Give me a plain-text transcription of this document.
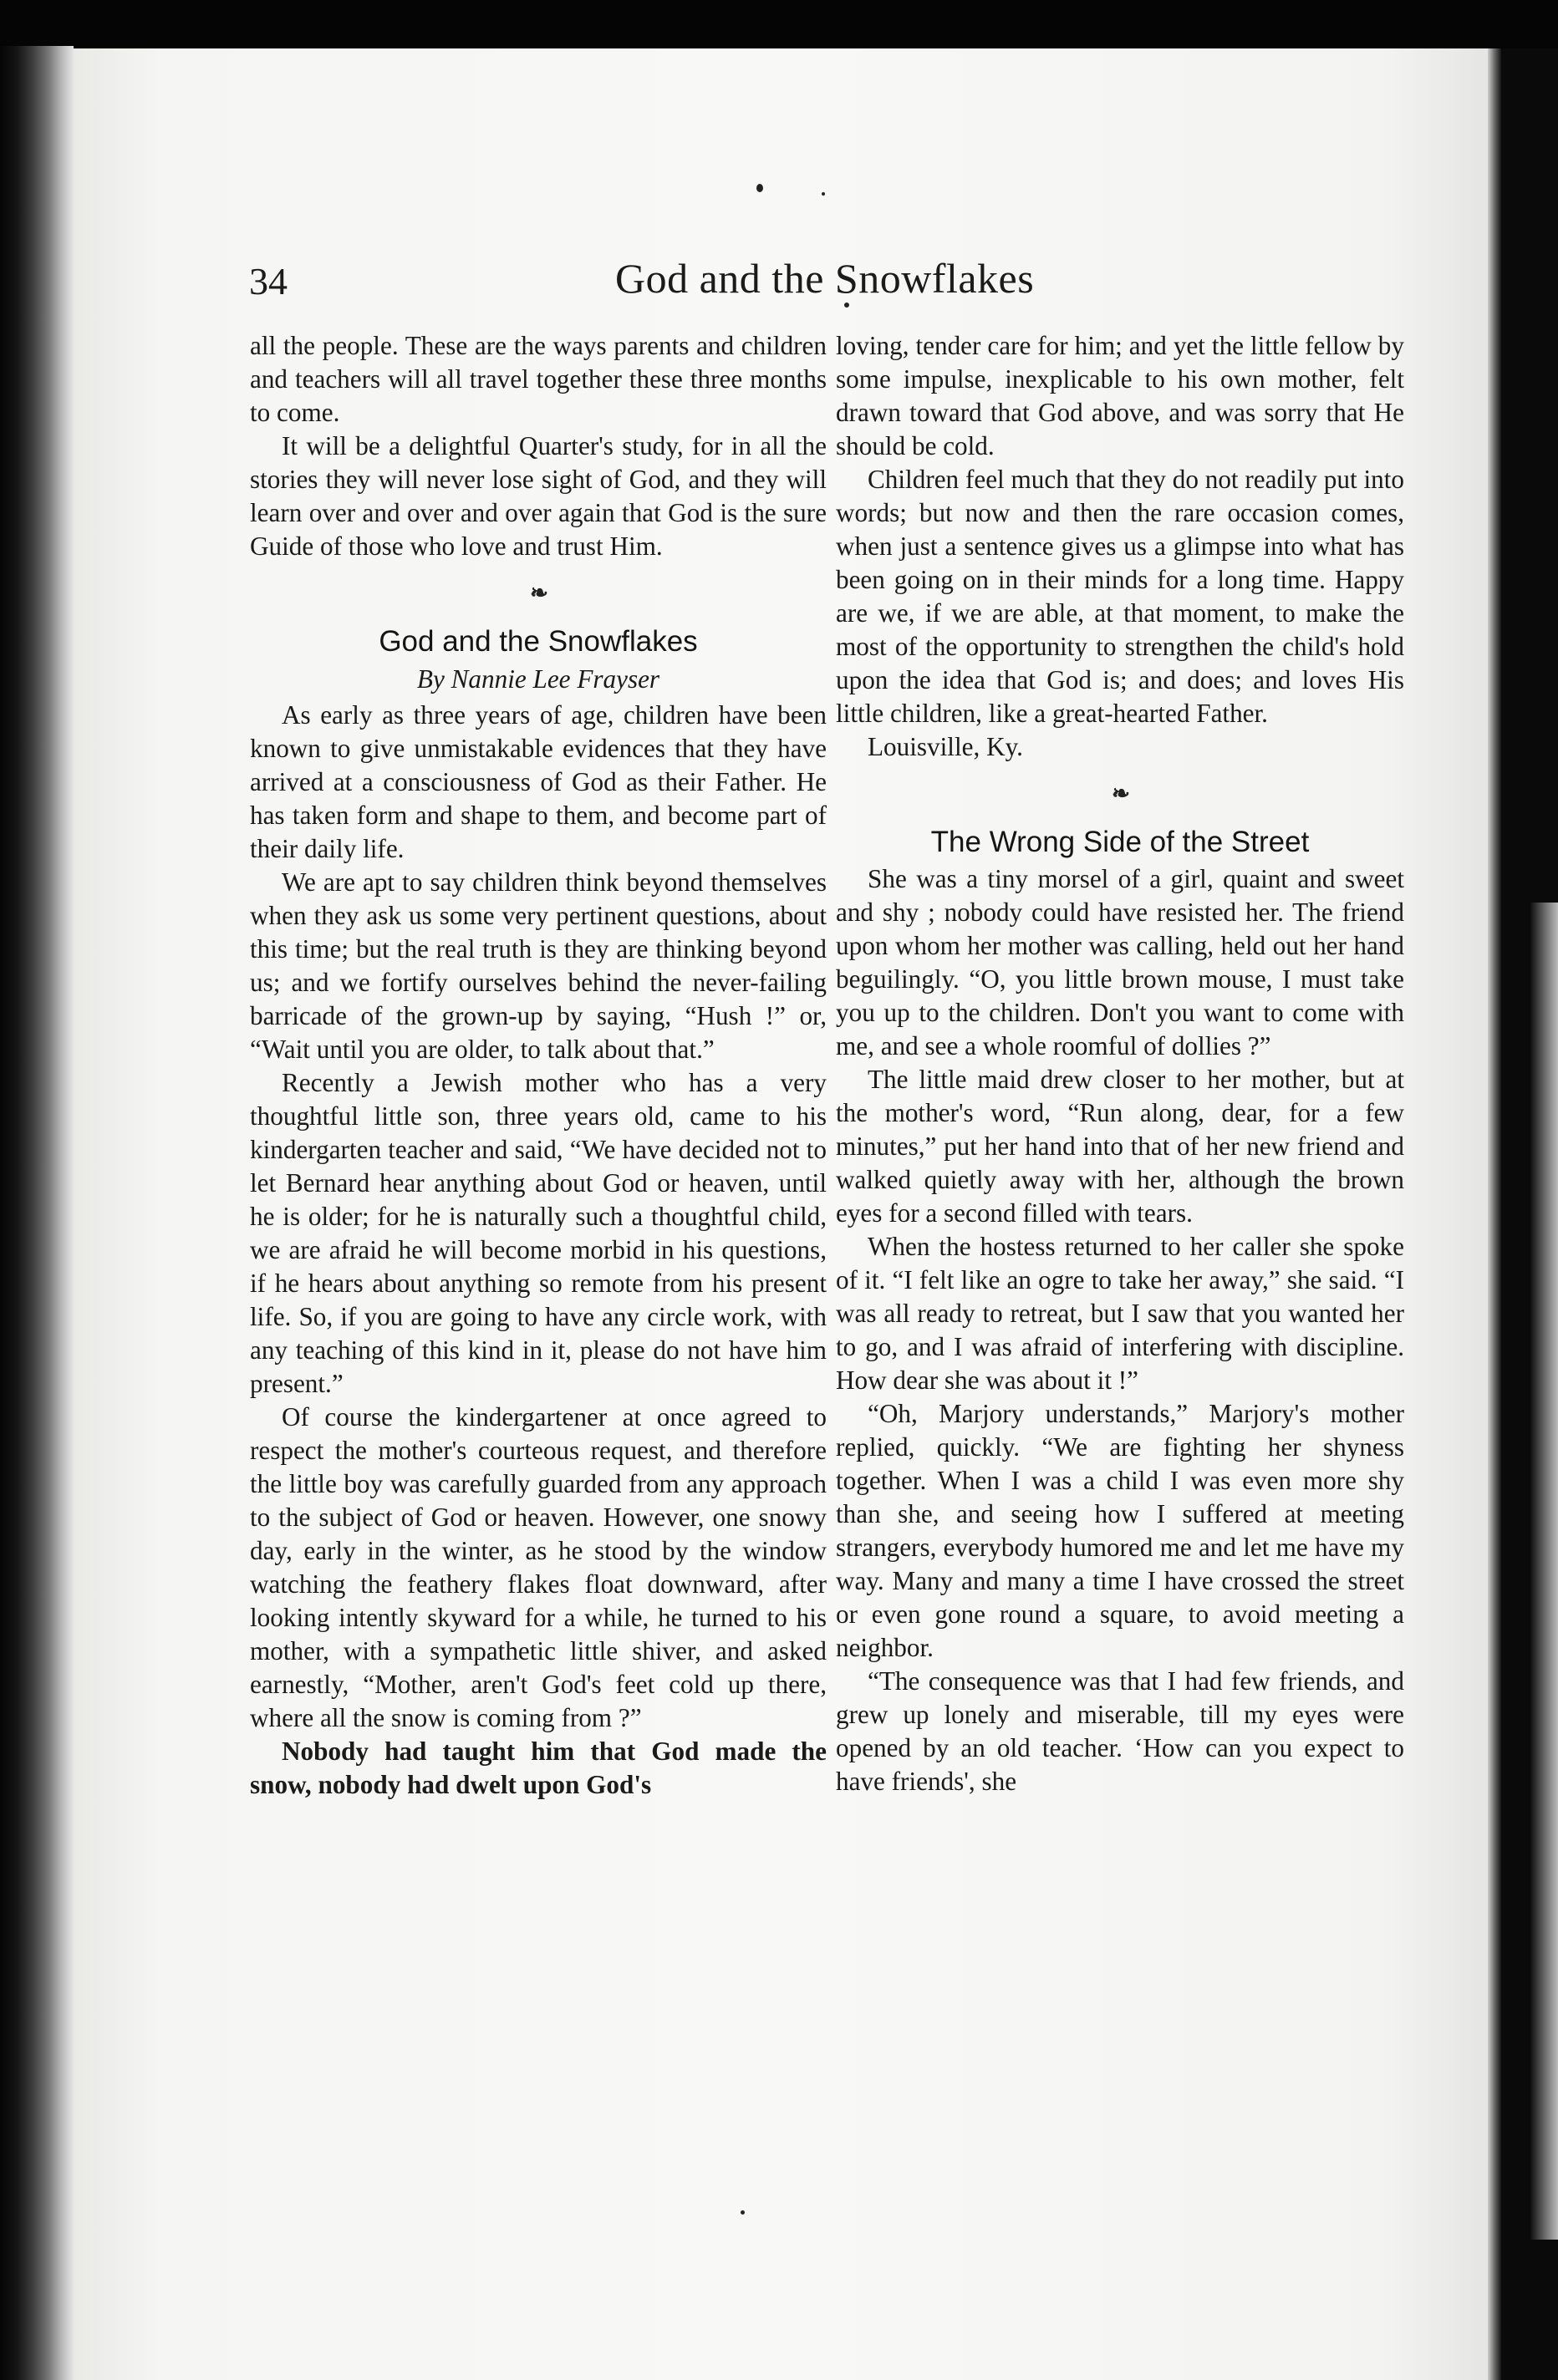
34	God and the Snowflakes

all the people. These are the ways parents and children and teachers will all travel together these three months to come.

It will be a delightful Quarter's study, for in all the stories they will never lose sight of God, and they will learn over and over and over again that God is the sure Guide of those who love and trust Him.

❧
God and the Snowflakes
By Nannie Lee Frayser

As early as three years of age, children have been known to give unmistakable evidences that they have arrived at a consciousness of God as their Father. He has taken form and shape to them, and become part of their daily life.

We are apt to say children think beyond themselves when they ask us some very pertinent questions, about this time; but the real truth is they are thinking beyond us; and we fortify ourselves behind the never-failing barricade of the grown-up by saying, “Hush !” or, “Wait until you are older, to talk about that.”

Recently a Jewish mother who has a very thoughtful little son, three years old, came to his kindergarten teacher and said, “We have decided not to let Bernard hear anything about God or heaven, until he is older; for he is naturally such a thoughtful child, we are afraid he will become morbid in his questions, if he hears about anything so remote from his present life. So, if you are going to have any circle work, with any teaching of this kind in it, please do not have him present.”

Of course the kindergartener at once agreed to respect the mother's courteous request, and therefore the little boy was carefully guarded from any approach to the subject of God or heaven. However, one snowy day, early in the winter, as he stood by the window watching the feathery flakes float downward, after looking intently skyward for a while, he turned to his mother, with a sympathetic little shiver, and asked earnestly, “Mother, aren't God's feet cold up there, where all the snow is coming from ?”

Nobody had taught him that God made the snow, nobody had dwelt upon God's

loving, tender care for him; and yet the little fellow by some impulse, inexplicable to his own mother, felt drawn toward that God above, and was sorry that He should be cold.

Children feel much that they do not readily put into words; but now and then the rare occasion comes, when just a sentence gives us a glimpse into what has been going on in their minds for a long time. Happy are we, if we are able, at that moment, to make the most of the opportunity to strengthen the child's hold upon the idea that God is; and does; and loves His little children, like a great-hearted Father.

Louisville, Ky.

❧
The Wrong Side of the Street

She was a tiny morsel of a girl, quaint and sweet and shy ; nobody could have resisted her. The friend upon whom her mother was calling, held out her hand beguilingly. “O, you little brown mouse, I must take you up to the children. Don't you want to come with me, and see a whole roomful of dollies ?”

The little maid drew closer to her mother, but at the mother's word, “Run along, dear, for a few minutes,” put her hand into that of her new friend and walked quietly away with her, although the brown eyes for a second filled with tears.

When the hostess returned to her caller she spoke of it. “I felt like an ogre to take her away,” she said. “I was all ready to retreat, but I saw that you wanted her to go, and I was afraid of interfering with discipline. How dear she was about it !”

“Oh, Marjory understands,” Marjory's mother replied, quickly. “We are fighting her shyness together. When I was a child I was even more shy than she, and seeing how I suffered at meeting strangers, everybody humored me and let me have my way. Many and many a time I have crossed the street or even gone round a square, to avoid meeting a neighbor.

“The consequence was that I had few friends, and grew up lonely and miserable, till my eyes were opened by an old teacher. ‘How can you expect to have friends', she
